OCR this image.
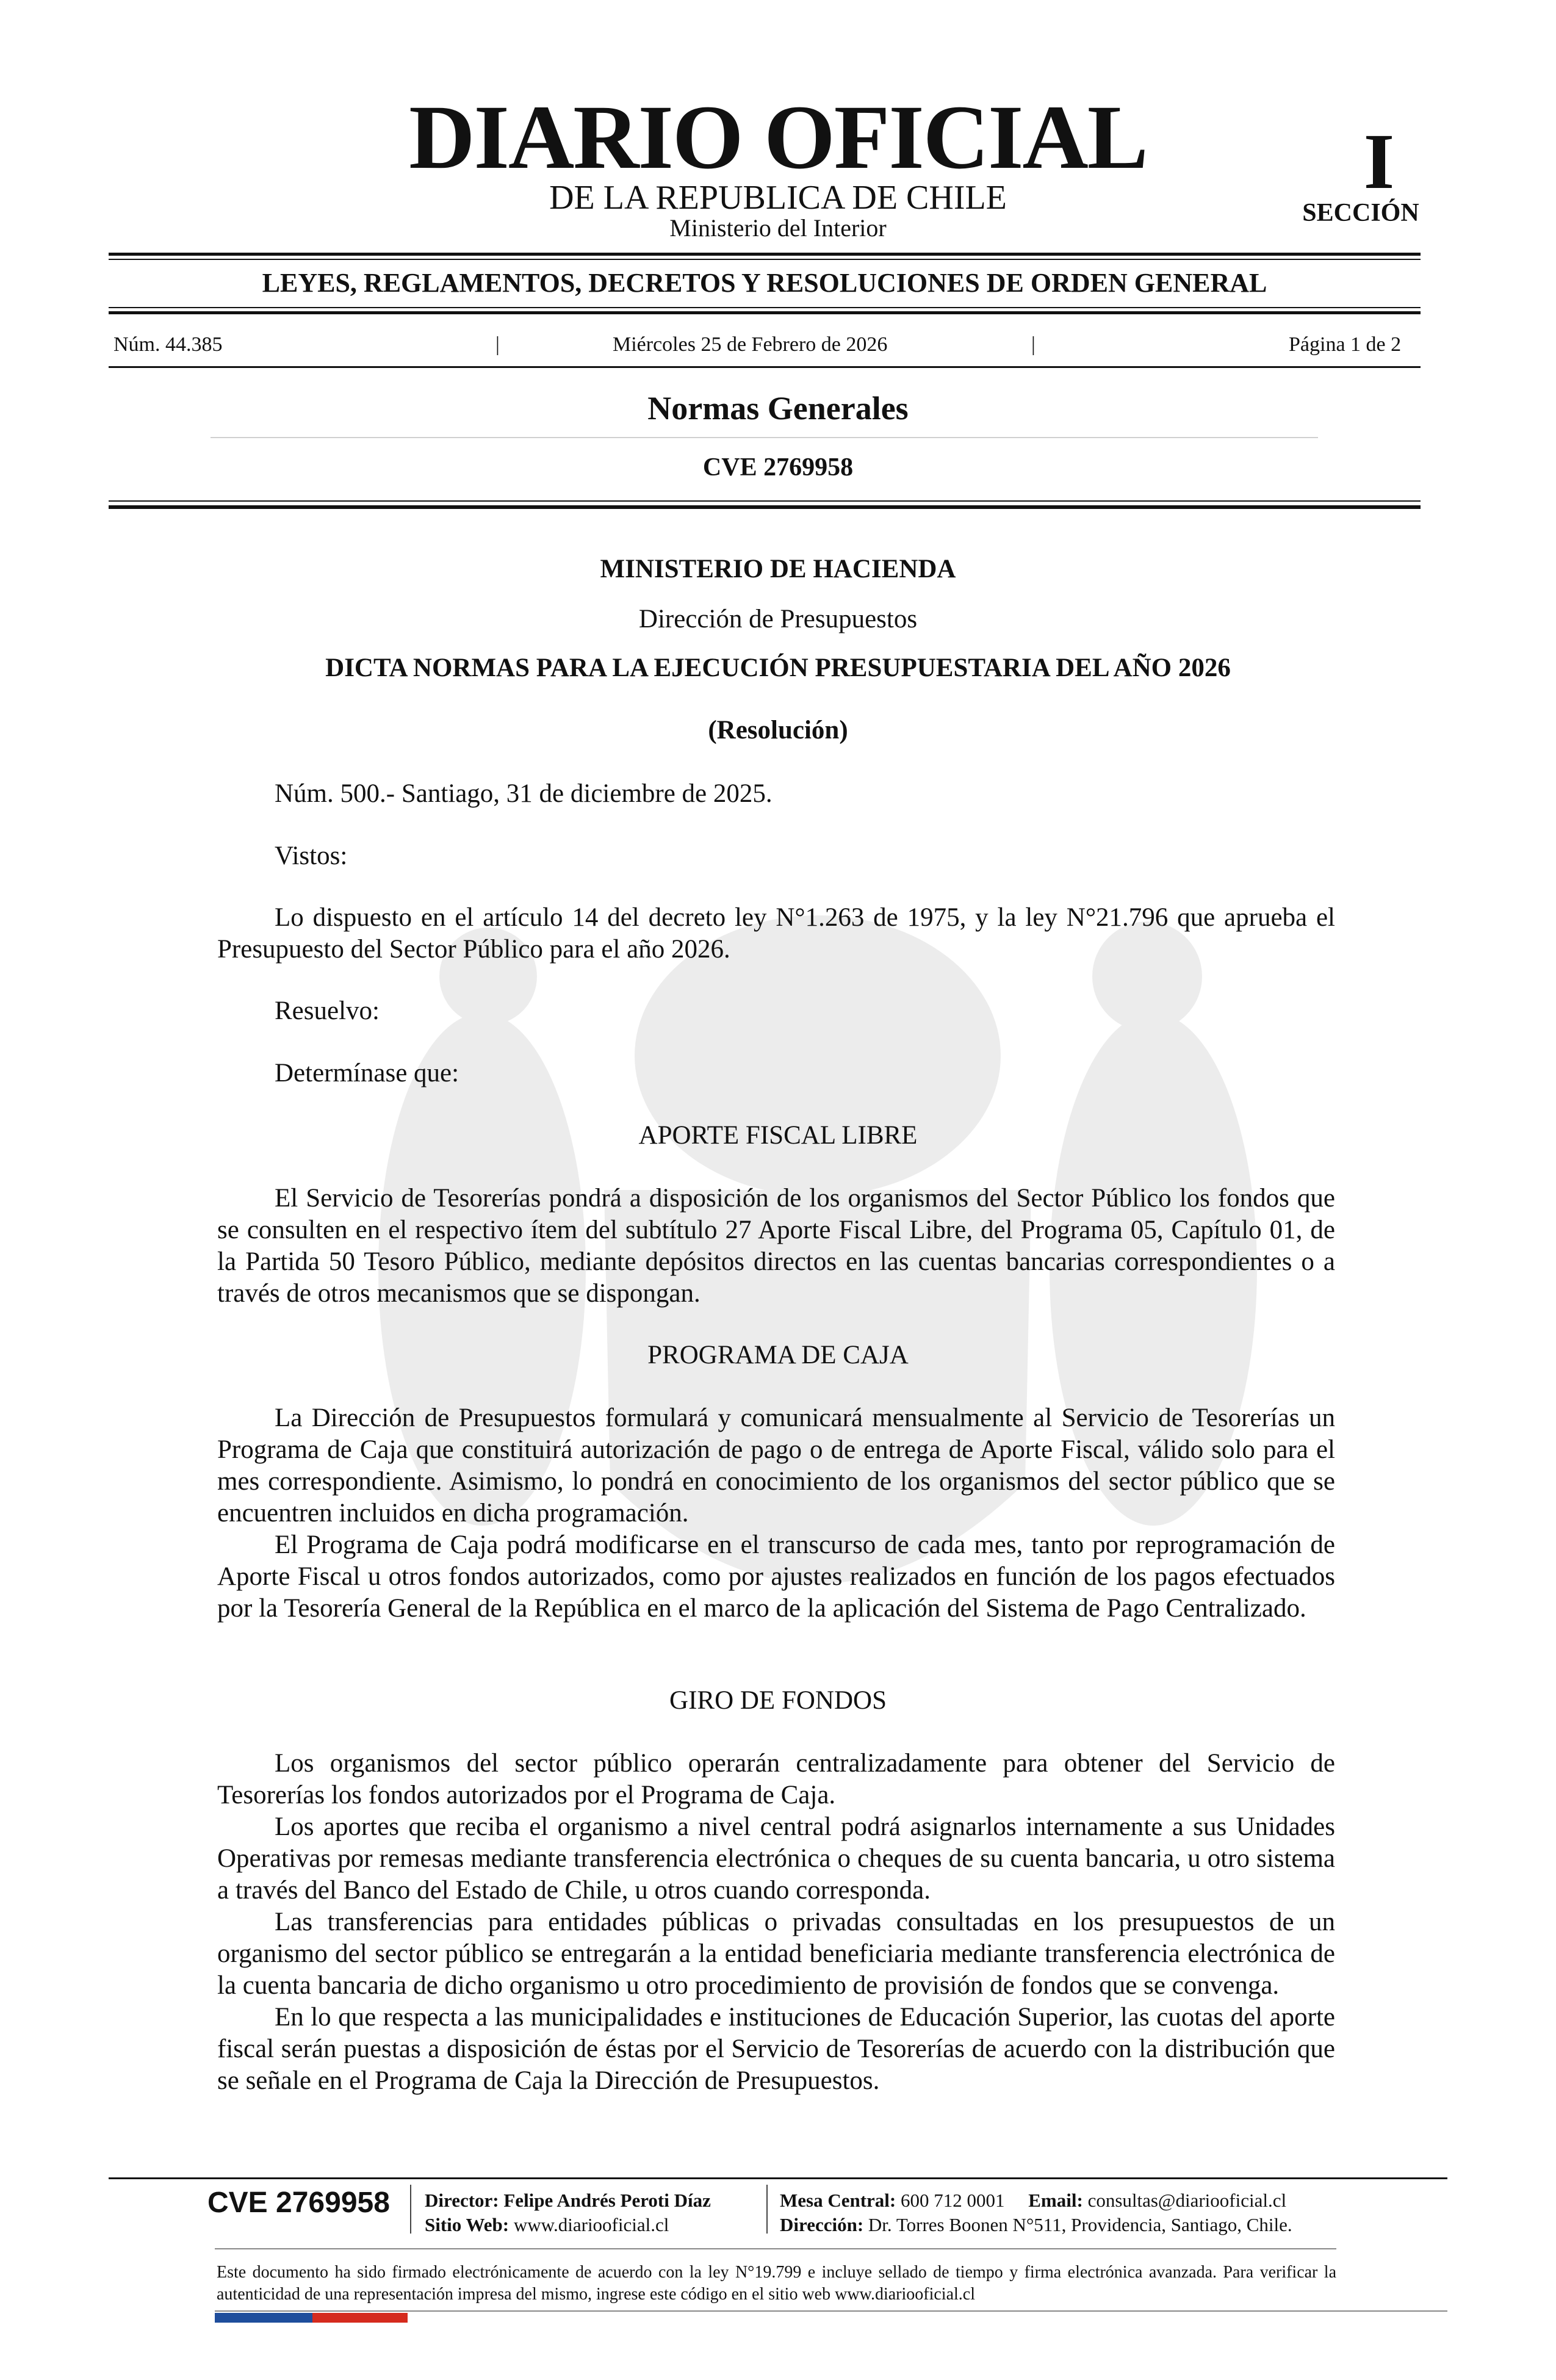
DIARIO OFICIAL
DE LA REPUBLICA DE CHILE
Ministerio del Interior
I
SECCIÓN
LEYES, REGLAMENTOS, DECRETOS Y RESOLUCIONES DE ORDEN GENERAL
Núm. 44.385	|	Miércoles 25 de Febrero de 2026	|	Página 1 de 2
Normas Generales
CVE 2769958
MINISTERIO DE HACIENDA
Dirección de Presupuestos
DICTA NORMAS PARA LA EJECUCIÓN PRESUPUESTARIA DEL AÑO 2026
(Resolución)
Núm. 500.- Santiago, 31 de diciembre de 2025.
Vistos:

Lo dispuesto en el artículo 14 del decreto ley N°1.263 de 1975, y la ley N°21.796 que aprueba el Presupuesto del Sector Público para el año 2026.

Resuelvo:
Determínase que:
APORTE FISCAL LIBRE

El Servicio de Tesorerías pondrá a disposición de los organismos del Sector Público los fondos que se consulten en el respectivo ítem del subtítulo 27 Aporte Fiscal Libre, del Programa 05, Capítulo 01, de la Partida 50 Tesoro Público, mediante depósitos directos en las cuentas bancarias correspondientes o a través de otros mecanismos que se dispongan.

PROGRAMA DE CAJA

La Dirección de Presupuestos formulará y comunicará mensualmente al Servicio de Tesorerías un Programa de Caja que constituirá autorización de pago o de entrega de Aporte Fiscal, válido solo para el mes correspondiente. Asimismo, lo pondrá en conocimiento de los organismos del sector público que se encuentren incluidos en dicha programación.

El Programa de Caja podrá modificarse en el transcurso de cada mes, tanto por reprogramación de Aporte Fiscal u otros fondos autorizados, como por ajustes realizados en función de los pagos efectuados por la Tesorería General de la República en el marco de la aplicación del Sistema de Pago Centralizado.

GIRO DE FONDOS

Los organismos del sector público operarán centralizadamente para obtener del Servicio de Tesorerías los fondos autorizados por el Programa de Caja.

Los aportes que reciba el organismo a nivel central podrá asignarlos internamente a sus Unidades Operativas por remesas mediante transferencia electrónica o cheques de su cuenta bancaria, u otro sistema a través del Banco del Estado de Chile, u otros cuando corresponda.

Las transferencias para entidades públicas o privadas consultadas en los presupuestos de un organismo del sector público se entregarán a la entidad beneficiaria mediante transferencia electrónica de la cuenta bancaria de dicho organismo u otro procedimiento de provisión de fondos que se convenga.

En lo que respecta a las municipalidades e instituciones de Educación Superior, las cuotas del aporte fiscal serán puestas a disposición de éstas por el Servicio de Tesorerías de acuerdo con la distribución que se señale en el Programa de Caja la Dirección de Presupuestos.

CVE 2769958 Director: Felipe Andrés Peroti Díaz
Sitio Web: www.diariooficial.cl
Mesa Central: 600 712 0001 Email: consultas@diariooficial.cl
Dirección: Dr. Torres Boonen N°511, Providencia, Santiago, Chile.
Este documento ha sido firmado electrónicamente de acuerdo con la ley N°19.799 e incluye sellado de tiempo y firma electrónica avanzada. Para verificar la autenticidad de una representación impresa del mismo, ingrese este código en el sitio web www.diariooficial.cl
